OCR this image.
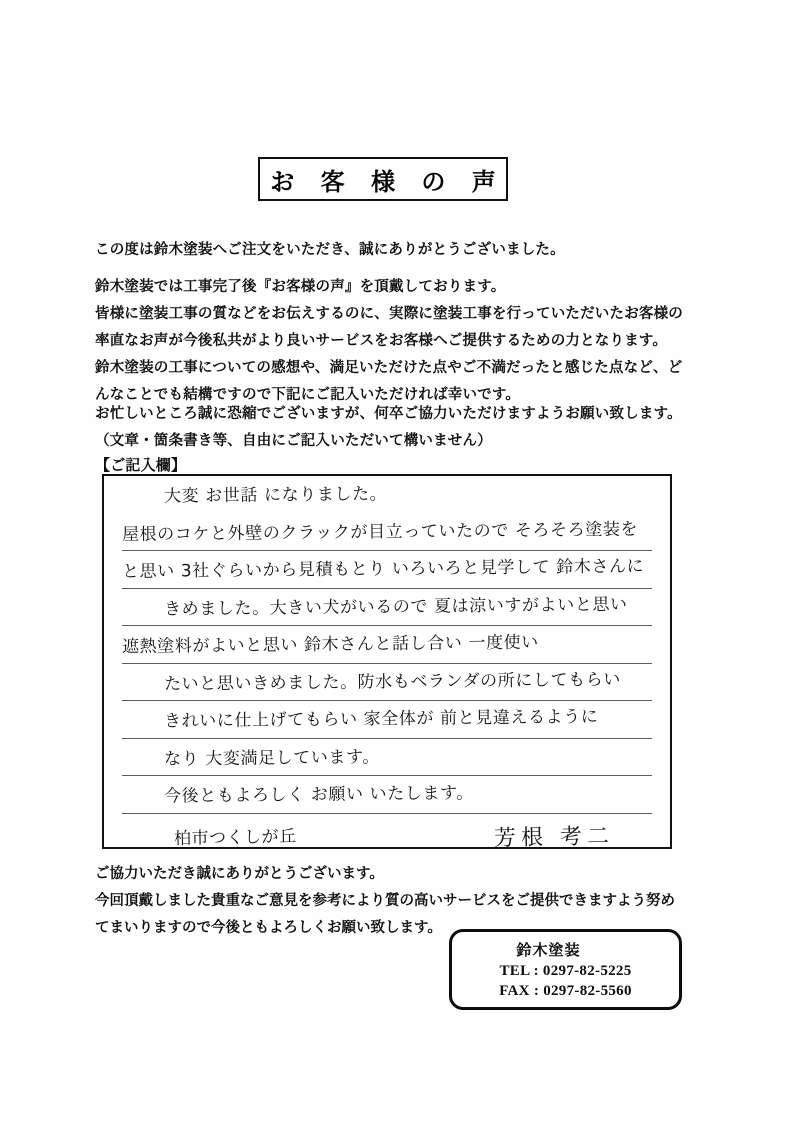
お 客 様 の 声
この度は鈴木塗装へご注文をいただき、誠にありがとうございました。

鈴木塗装では工事完了後『お客様の声』を頂戴しております。

皆様に塗装工事の質などをお伝えするのに、実際に塗装工事を行っていただいたお客様の

率直なお声が今後私共がより良いサービスをお客様へご提供するための力となります。

鈴木塗装の工事についての感想や、満足いただけた点やご不満だったと感じた点など、ど

んなことでも結構ですので下記にご記入いただければ幸いです。

お忙しいところ誠に恐縮でございますが、何卒ご協力いただけますようお願い致します。
（文章・箇条書き等、自由にご記入いただいて構いません）
【ご記入欄】
大変 お世話 になりました。
屋根のコケと外壁のクラックが目立っていたので そろそろ塗装を
と思い 3社ぐらいから見積もとり いろいろと見学して 鈴木さんに
きめました。大きい犬がいるので 夏は涼いすがよいと思い
遮熱塗料がよいと思い 鈴木さんと話し合い 一度使い
たいと思いきめました。防水もベランダの所にしてもらい
きれいに仕上げてもらい 家全体が 前と見違えるように
なり 大変満足しています。
今後ともよろしく お願い いたします。
柏市つくしが丘	芳根 考二

ご協力いただき誠にありがとうございます。

今回頂戴しました貴重なご意見を参考により質の高いサービスをご提供できますよう努め

てまいりますので今後ともよろしくお願い致します。

鈴木塗装
TEL : 0297-82-5225
FAX : 0297-82-5560
